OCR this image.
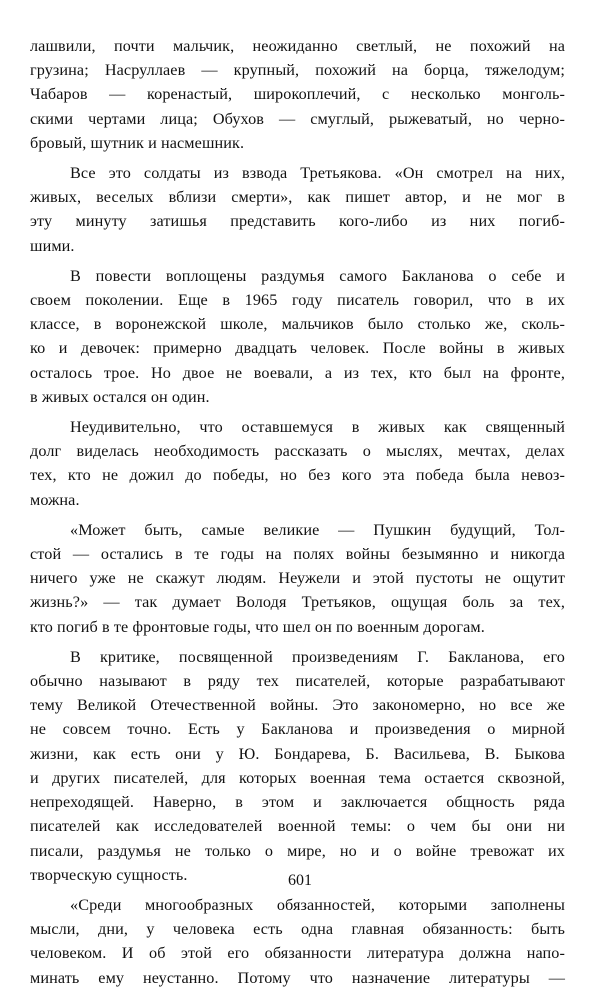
лашвили, почти мальчик, неожиданно светлый, не похожий на
грузина; Насруллаев — крупный, похожий на борца, тяжелодум;
Чабаров — коренастый, широкоплечий, с несколько монголь-
скими чертами лица; Обухов — смуглый, рыжеватый, но черно-
бровый, шутник и насмешник.
Все это солдаты из взвода Третьякова. «Он смотрел на них,
живых, веселых вблизи смерти», как пишет автор, и не мог в
эту минуту затишья представить кого-либо из них погиб-
шими.
В повести воплощены раздумья самого Бакланова о себе и
своем поколении. Еще в 1965 году писатель говорил, что в их
классе, в воронежской школе, мальчиков было столько же, сколь-
ко и девочек: примерно двадцать человек. После войны в живых
осталось трое. Но двое не воевали, а из тех, кто был на фронте,
в живых остался он один.
Неудивительно, что оставшемуся в живых как священный
долг виделась необходимость рассказать о мыслях, мечтах, делах
тех, кто не дожил до победы, но без кого эта победа была невоз-
можна.
«Может быть, самые великие — Пушкин будущий, Тол-
стой — остались в те годы на полях войны безымянно и никогда
ничего уже не скажут людям. Неужели и этой пустоты не ощутит
жизнь?» — так думает Володя Третьяков, ощущая боль за тех,
кто погиб в те фронтовые годы, что шел он по военным дорогам.
В критике, посвященной произведениям Г. Бакланова, его
обычно называют в ряду тех писателей, которые разрабатывают
тему Великой Отечественной войны. Это закономерно, но все же
не совсем точно. Есть у Бакланова и произведения о мирной
жизни, как есть они у Ю. Бондарева, Б. Васильева, В. Быкова
и других писателей, для которых военная тема остается сквозной,
непреходящей. Наверно, в этом и заключается общность ряда
писателей как исследователей военной темы: о чем бы они ни
писали, раздумья не только о мире, но и о войне тревожат их
творческую сущность.
«Среди многообразных обязанностей, которыми заполнены
мысли, дни, у человека есть одна главная обязанность: быть
человеком. И об этой его обязанности литература должна напо-
минать ему неустанно. Потому что назначение литературы —
601
